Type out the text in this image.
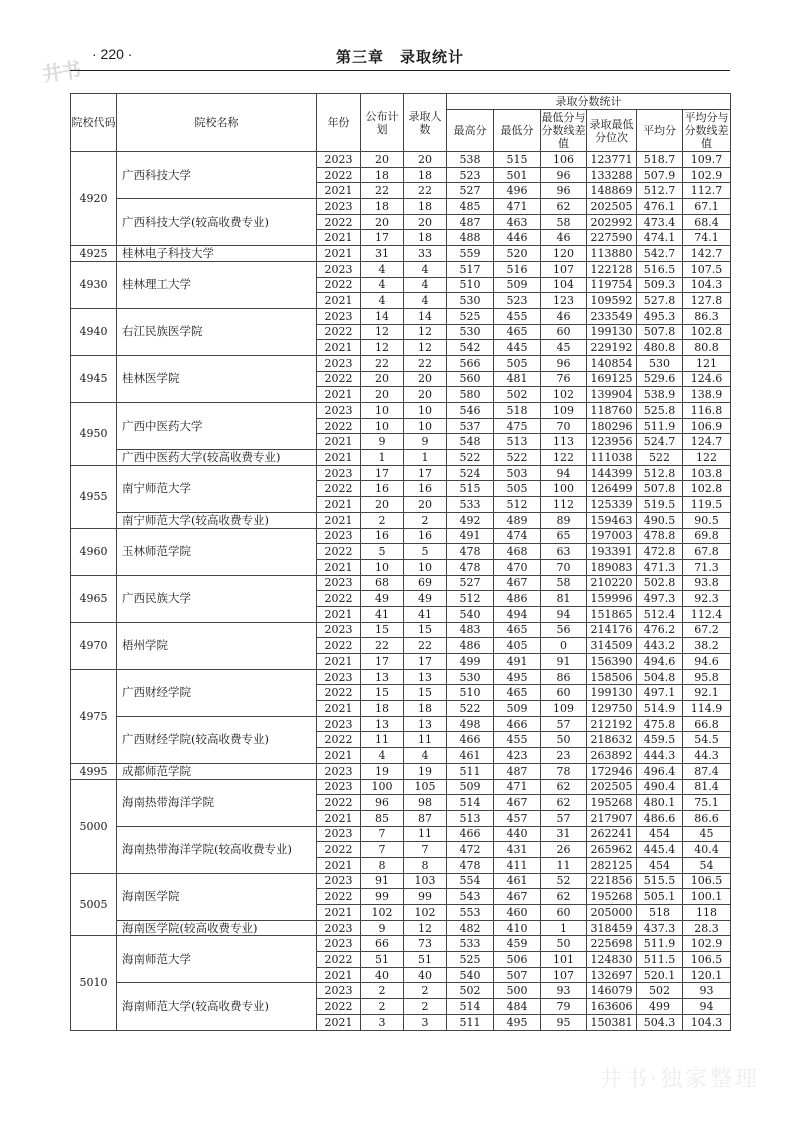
井书
· 220 ·	第三章　录取统计
院校代码	院校名称	年份	公布计划	录取人数	录取分数统计					
					最高分	最低分	最低分与分数线差值	录取最低分位次	平均分	平均分与分数线差值
4920	广西科技大学	2023	20	20	538	515	106	123771	518.7	109.7
		2022	18	18	523	501	96	133288	507.9	102.9
		2021	22	22	527	496	96	148869	512.7	112.7
	广西科技大学(较高收费专业)	2023	18	18	485	471	62	202505	476.1	67.1
		2022	20	20	487	463	58	202992	473.4	68.4
		2021	17	18	488	446	46	227590	474.1	74.1
4925	桂林电子科技大学	2021	31	33	559	520	120	113880	542.7	142.7
4930	桂林理工大学	2023	4	4	517	516	107	122128	516.5	107.5
		2022	4	4	510	509	104	119754	509.3	104.3
		2021	4	4	530	523	123	109592	527.8	127.8
4940	右江民族医学院	2023	14	14	525	455	46	233549	495.3	86.3
		2022	12	12	530	465	60	199130	507.8	102.8
		2021	12	12	542	445	45	229192	480.8	80.8
4945	桂林医学院	2023	22	22	566	505	96	140854	530	121
		2022	20	20	560	481	76	169125	529.6	124.6
		2021	20	20	580	502	102	139904	538.9	138.9
4950	广西中医药大学	2023	10	10	546	518	109	118760	525.8	116.8
		2022	10	10	537	475	70	180296	511.9	106.9
		2021	9	9	548	513	113	123956	524.7	124.7
	广西中医药大学(较高收费专业)	2021	1	1	522	522	122	111038	522	122
4955	南宁师范大学	2023	17	17	524	503	94	144399	512.8	103.8
		2022	16	16	515	505	100	126499	507.8	102.8
		2021	20	20	533	512	112	125339	519.5	119.5
	南宁师范大学(较高收费专业)	2021	2	2	492	489	89	159463	490.5	90.5
4960	玉林师范学院	2023	16	16	491	474	65	197003	478.8	69.8
		2022	5	5	478	468	63	193391	472.8	67.8
		2021	10	10	478	470	70	189083	471.3	71.3
4965	广西民族大学	2023	68	69	527	467	58	210220	502.8	93.8
		2022	49	49	512	486	81	159996	497.3	92.3
		2021	41	41	540	494	94	151865	512.4	112.4
4970	梧州学院	2023	15	15	483	465	56	214176	476.2	67.2
		2022	22	22	486	405	0	314509	443.2	38.2
		2021	17	17	499	491	91	156390	494.6	94.6
4975	广西财经学院	2023	13	13	530	495	86	158506	504.8	95.8
		2022	15	15	510	465	60	199130	497.1	92.1
		2021	18	18	522	509	109	129750	514.9	114.9
	广西财经学院(较高收费专业)	2023	13	13	498	466	57	212192	475.8	66.8
		2022	11	11	466	455	50	218632	459.5	54.5
		2021	4	4	461	423	23	263892	444.3	44.3
4995	成都师范学院	2023	19	19	511	487	78	172946	496.4	87.4
5000	海南热带海洋学院	2023	100	105	509	471	62	202505	490.4	81.4
		2022	96	98	514	467	62	195268	480.1	75.1
		2021	85	87	513	457	57	217907	486.6	86.6
	海南热带海洋学院(较高收费专业)	2023	7	11	466	440	31	262241	454	45
		2022	7	7	472	431	26	265962	445.4	40.4
		2021	8	8	478	411	11	282125	454	54
5005	海南医学院	2023	91	103	554	461	52	221856	515.5	106.5
		2022	99	99	543	467	62	195268	505.1	100.1
		2021	102	102	553	460	60	205000	518	118
	海南医学院(较高收费专业)	2023	9	12	482	410	1	318459	437.3	28.3
5010	海南师范大学	2023	66	73	533	459	50	225698	511.9	102.9
		2022	51	51	525	506	101	124830	511.5	106.5
		2021	40	40	540	507	107	132697	520.1	120.1
	海南师范大学(较高收费专业)	2023	2	2	502	500	93	146079	502	93
		2022	2	2	514	484	79	163606	499	94
		2021	3	3	511	495	95	150381	504.3	104.3
井书·独家整理
